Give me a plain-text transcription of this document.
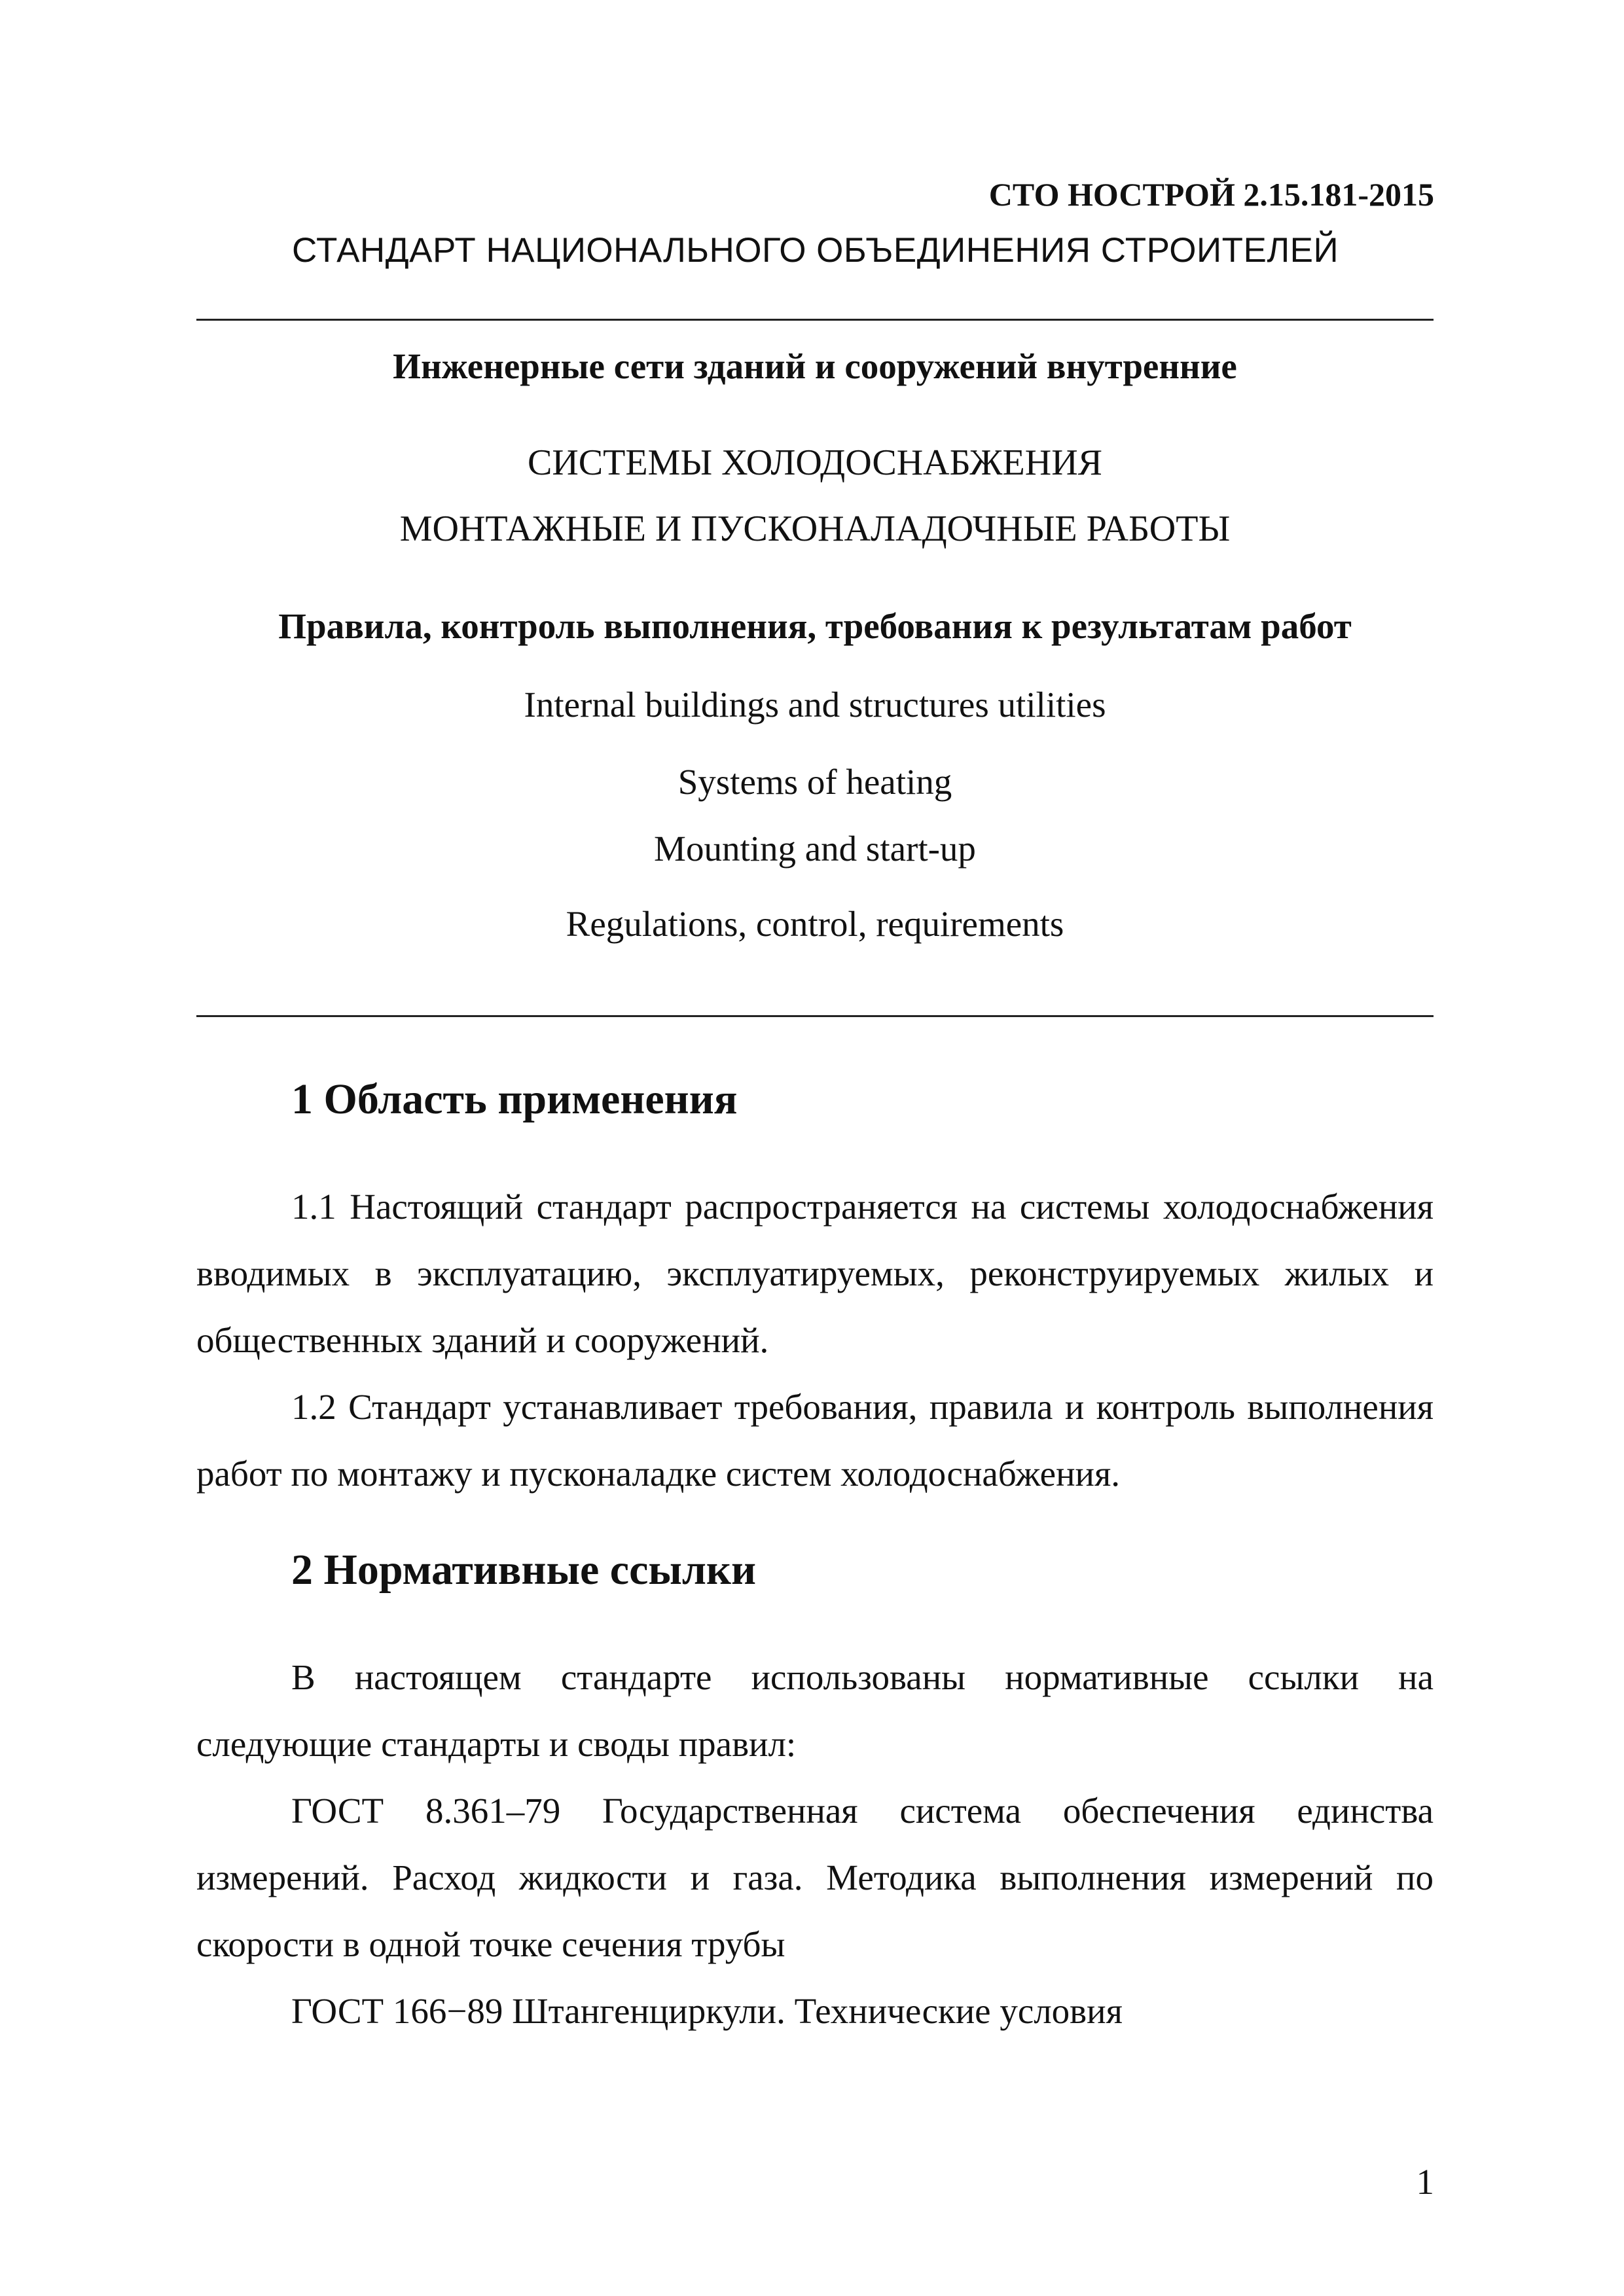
СТО НОСТРОЙ 2.15.181-2015
СТАНДАРТ НАЦИОНАЛЬНОГО ОБЪЕДИНЕНИЯ СТРОИТЕЛЕЙ
Инженерные сети зданий и сооружений внутренние
СИСТЕМЫ ХОЛОДОСНАБЖЕНИЯ
МОНТАЖНЫЕ И ПУСКОНАЛАДОЧНЫЕ РАБОТЫ
Правила, контроль выполнения, требования к результатам работ
Internal buildings and structures utilities
Systems of heating
Mounting and start-up
Regulations, control, requirements
1 Область применения
1.1 Настоящий стандарт распространяется на системы холодоснабжения вводимых в эксплуатацию, эксплуатируемых, реконструируемых жилых и общественных зданий и сооружений.
1.2 Стандарт устанавливает требования, правила и контроль выполнения работ по монтажу и пусконаладке систем холодоснабжения.
2 Нормативные ссылки
В настоящем стандарте использованы нормативные ссылки на следующие стандарты и своды правил:
ГОСТ 8.361–79 Государственная система обеспечения единства измерений. Расход жидкости и газа. Методика выполнения измерений по скорости в одной точке сечения трубы
ГОСТ 166−89 Штангенциркули. Технические условия
1
